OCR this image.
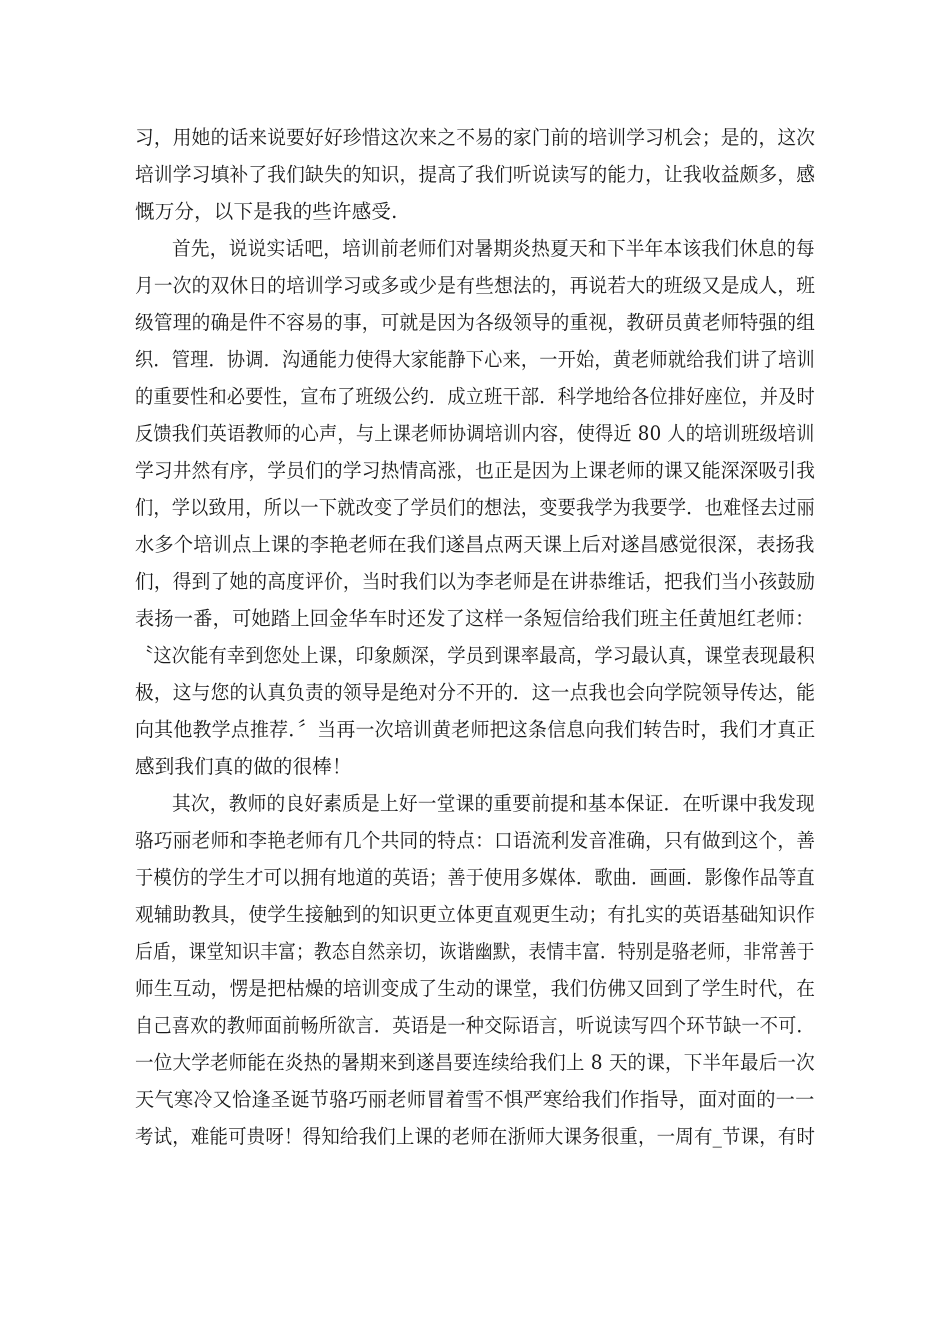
习，用她的话来说要好好珍惜这次来之不易的家门前的培训学习机会；是的，这次
培训学习填补了我们缺失的知识，提高了我们听说读写的能力，让我收益颇多，感
慨万分，以下是我的些许感受.
首先，说说实话吧，培训前老师们对暑期炎热夏天和下半年本该我们休息的每
月一次的双休日的培训学习或多或少是有些想法的，再说若大的班级又是成人，班
级管理的确是件不容易的事，可就是因为各级领导的重视，教研员黄老师特强的组
织．管理．协调．沟通能力使得大家能静下心来，一开始，黄老师就给我们讲了培训
的重要性和必要性，宣布了班级公约．成立班干部．科学地给各位排好座位，并及时
反馈我们英语教师的心声，与上课老师协调培训内容，使得近 80 人的培训班级培训
学习井然有序，学员们的学习热情高涨，也正是因为上课老师的课又能深深吸引我
们，学以致用，所以一下就改变了学员们的想法，变要我学为我要学．也难怪去过丽
水多个培训点上课的李艳老师在我们遂昌点两天课上后对遂昌感觉很深，表扬我
们，得到了她的高度评价，当时我们以为李老师是在讲恭维话，把我们当小孩鼓励
表扬一番，可她踏上回金华车时还发了这样一条短信给我们班主任黄旭红老师：
〝这次能有幸到您处上课，印象颇深，学员到课率最高，学习最认真，课堂表现最积
极，这与您的认真负责的领导是绝对分不开的．这一点我也会向学院领导传达，能
向其他教学点推荐．〞当再一次培训黄老师把这条信息向我们转告时，我们才真正
感到我们真的做的很棒！
其次，教师的良好素质是上好一堂课的重要前提和基本保证．在听课中我发现
骆巧丽老师和李艳老师有几个共同的特点：口语流利发音准确，只有做到这个，善
于模仿的学生才可以拥有地道的英语；善于使用多媒体．歌曲．画画．影像作品等直
观辅助教具，使学生接触到的知识更立体更直观更生动；有扎实的英语基础知识作
后盾，课堂知识丰富；教态自然亲切，诙谐幽默，表情丰富．特别是骆老师，非常善于
师生互动，愣是把枯燥的培训变成了生动的课堂，我们仿佛又回到了学生时代，在
自己喜欢的教师面前畅所欲言．英语是一种交际语言，听说读写四个环节缺一不可．
一位大学老师能在炎热的暑期来到遂昌要连续给我们上 8 天的课，下半年最后一次
天气寒冷又恰逢圣诞节骆巧丽老师冒着雪不惧严寒给我们作指导，面对面的一一
考试，难能可贵呀！得知给我们上课的老师在浙师大课务很重，一周有_节课，有时
